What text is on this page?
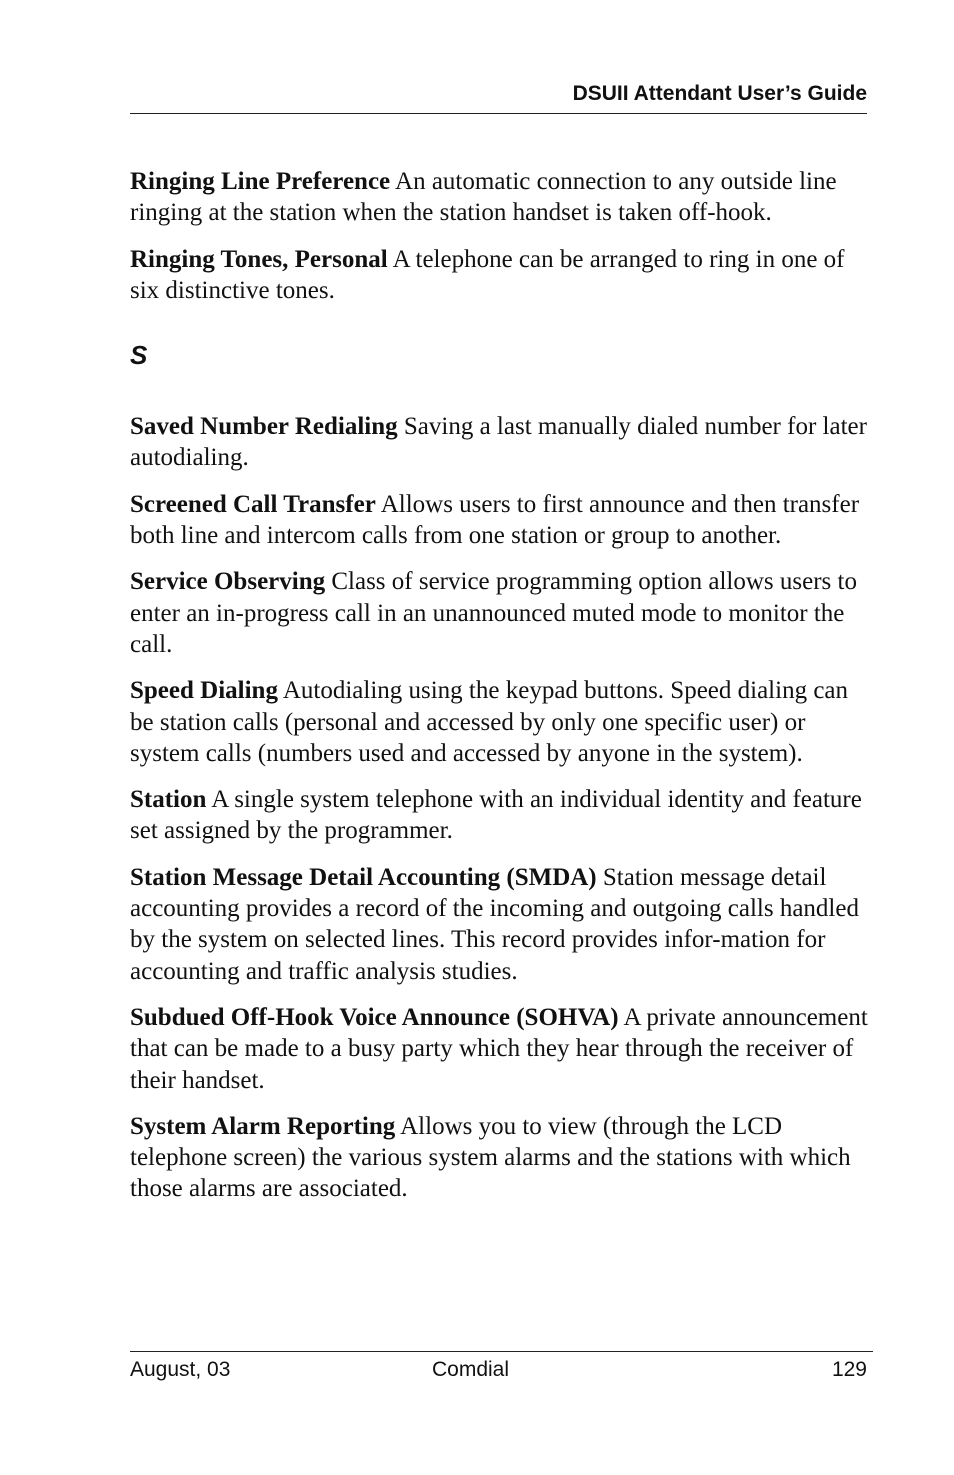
DSUII Attendant User’s Guide

Ringing Line Preference An automatic connection to any outside line ringing at the station when the station handset is taken off-hook.

Ringing Tones, Personal A telephone can be arranged to ring in one of six distinctive tones.

S

Saved Number Redialing Saving a last manually dialed number for later autodialing.

Screened Call Transfer Allows users to first announce and then transfer both line and intercom calls from one station or group to another.

Service Observing Class of service programming option allows users to enter an in-progress call in an unannounced muted mode to monitor the call.

Speed Dialing Autodialing using the keypad buttons. Speed dialing can be station calls (personal and accessed by only one specific user) or system calls (numbers used and accessed by anyone in the system).

Station A single system telephone with an individual identity and feature set assigned by the programmer.

Station Message Detail Accounting (SMDA) Station message detail accounting provides a record of the incoming and outgoing calls handled by the system on selected lines. This record provides infor-mation for accounting and traffic analysis studies.

Subdued Off-Hook Voice Announce (SOHVA) A private announcement that can be made to a busy party which they hear through the receiver of their handset.

System Alarm Reporting Allows you to view (through the LCD telephone screen) the various system alarms and the stations with which those alarms are associated.

August, 03	Comdial	129
